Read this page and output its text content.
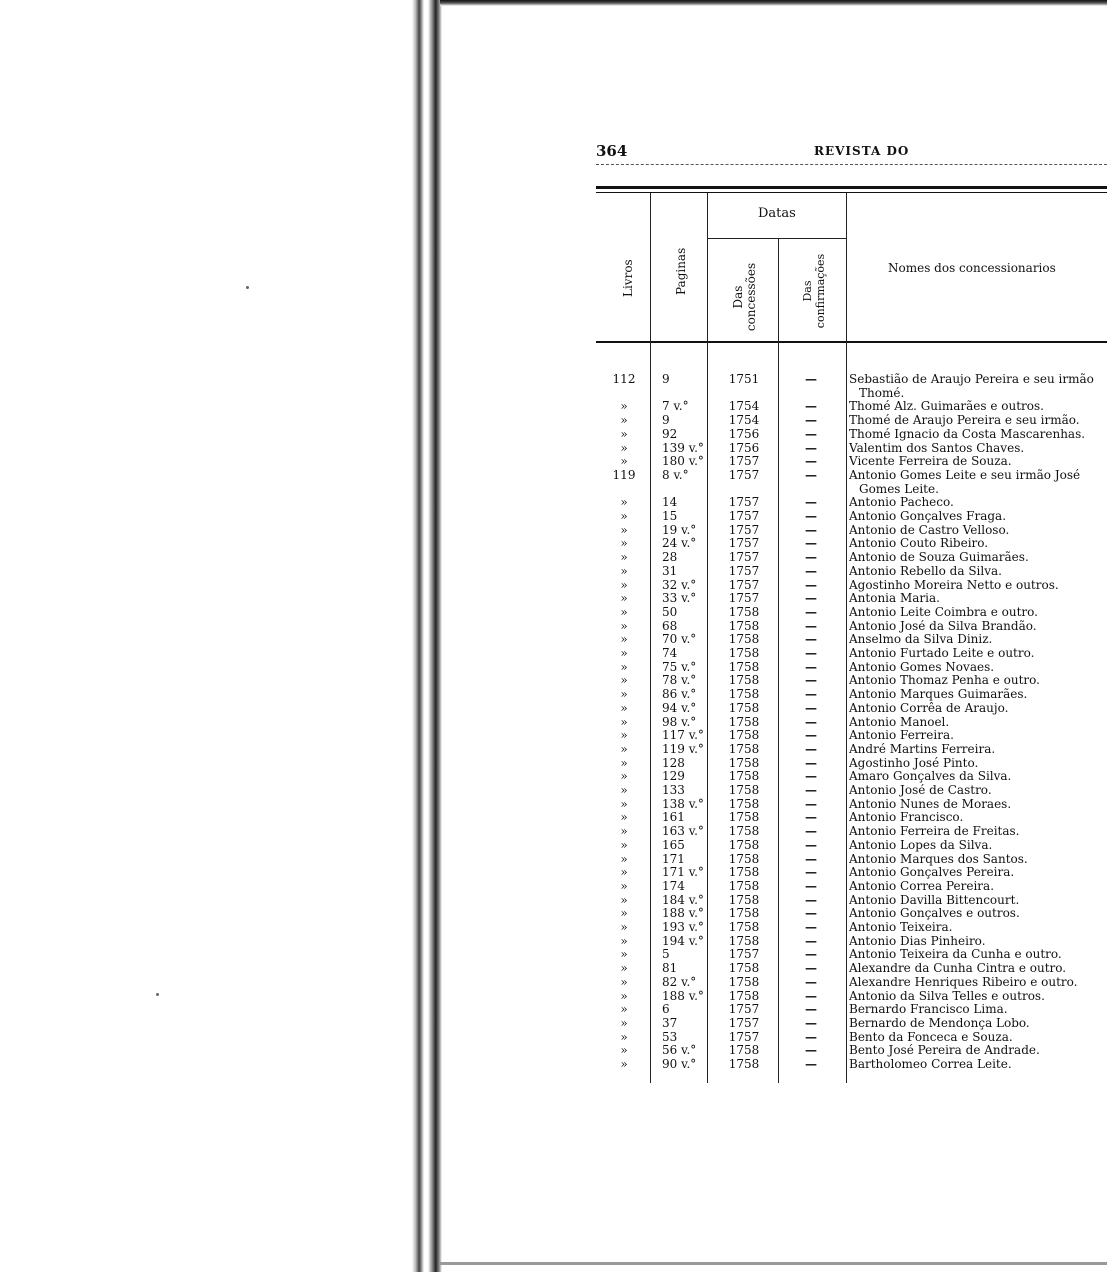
364	REVISTA DO
Livros	Paginas
Datas
Das concessões	Das confirmações	Nomes dos concessionarios
112	9	1751	—	Sebastião de Araujo Pereira e seu irmão
Thomé.
»	7 v.°	1754	—	Thomé Alz. Guimarães e outros.
»	9	1754	—	Thomé de Araujo Pereira e seu irmão.
»	92	1756	—	Thomé Ignacio da Costa Mascarenhas.
»	139 v.°	1756	—	Valentim dos Santos Chaves.
»	180 v.°	1757	—	Vicente Ferreira de Souza.
119	8 v.°	1757	—	Antonio Gomes Leite e seu irmão José
Gomes Leite.
»	14	1757	—	Antonio Pacheco.
»	15	1757	—	Antonio Gonçalves Fraga.
»	19 v.°	1757	—	Antonio de Castro Velloso.
»	24 v.°	1757	—	Antonio Couto Ribeiro.
»	28	1757	—	Antonio de Souza Guimarães.
»	31	1757	—	Antonio Rebello da Silva.
»	32 v.°	1757	—	Agostinho Moreira Netto e outros.
»	33 v.°	1757	—	Antonia Maria.
»	50	1758	—	Antonio Leite Coimbra e outro.
»	68	1758	—	Antonio José da Silva Brandão.
»	70 v.°	1758	—	Anselmo da Silva Diniz.
»	74	1758	—	Antonio Furtado Leite e outro.
»	75 v.°	1758	—	Antonio Gomes Novaes.
»	78 v.°	1758	—	Antonio Thomaz Penha e outro.
»	86 v.°	1758	—	Antonio Marques Guimarães.
»	94 v.°	1758	—	Antonio Corrêa de Araujo.
»	98 v.°	1758	—	Antonio Manoel.
»	117 v.°	1758	—	Antonio Ferreira.
»	119 v.°	1758	—	André Martins Ferreira.
»	128	1758	—	Agostinho José Pinto.
»	129	1758	—	Amaro Gonçalves da Silva.
»	133	1758	—	Antonio José de Castro.
»	138 v.°	1758	—	Antonio Nunes de Moraes.
»	161	1758	—	Antonio Francisco.
»	163 v.°	1758	—	Antonio Ferreira de Freitas.
»	165	1758	—	Antonio Lopes da Silva.
»	171	1758	—	Antonio Marques dos Santos.
»	171 v.°	1758	—	Antonio Gonçalves Pereira.
»	174	1758	—	Antonio Correa Pereira.
»	184 v.°	1758	—	Antonio Davilla Bittencourt.
»	188 v.°	1758	—	Antonio Gonçalves e outros.
»	193 v.°	1758	—	Antonio Teixeira.
»	194 v.°	1758	—	Antonio Dias Pinheiro.
»	5	1757	—	Antonio Teixeira da Cunha e outro.
»	81	1758	—	Alexandre da Cunha Cintra e outro.
»	82 v.°	1758	—	Alexandre Henriques Ribeiro e outro.
»	188 v.°	1758	—	Antonio da Silva Telles e outros.
»	6	1757	—	Bernardo Francisco Lima.
»	37	1757	—	Bernardo de Mendonça Lobo.
»	53	1757	—	Bento da Fonceca e Souza.
»	56 v.°	1758	—	Bento José Pereira de Andrade.
»	90 v.°	1758	—	Bartholomeo Correa Leite.
